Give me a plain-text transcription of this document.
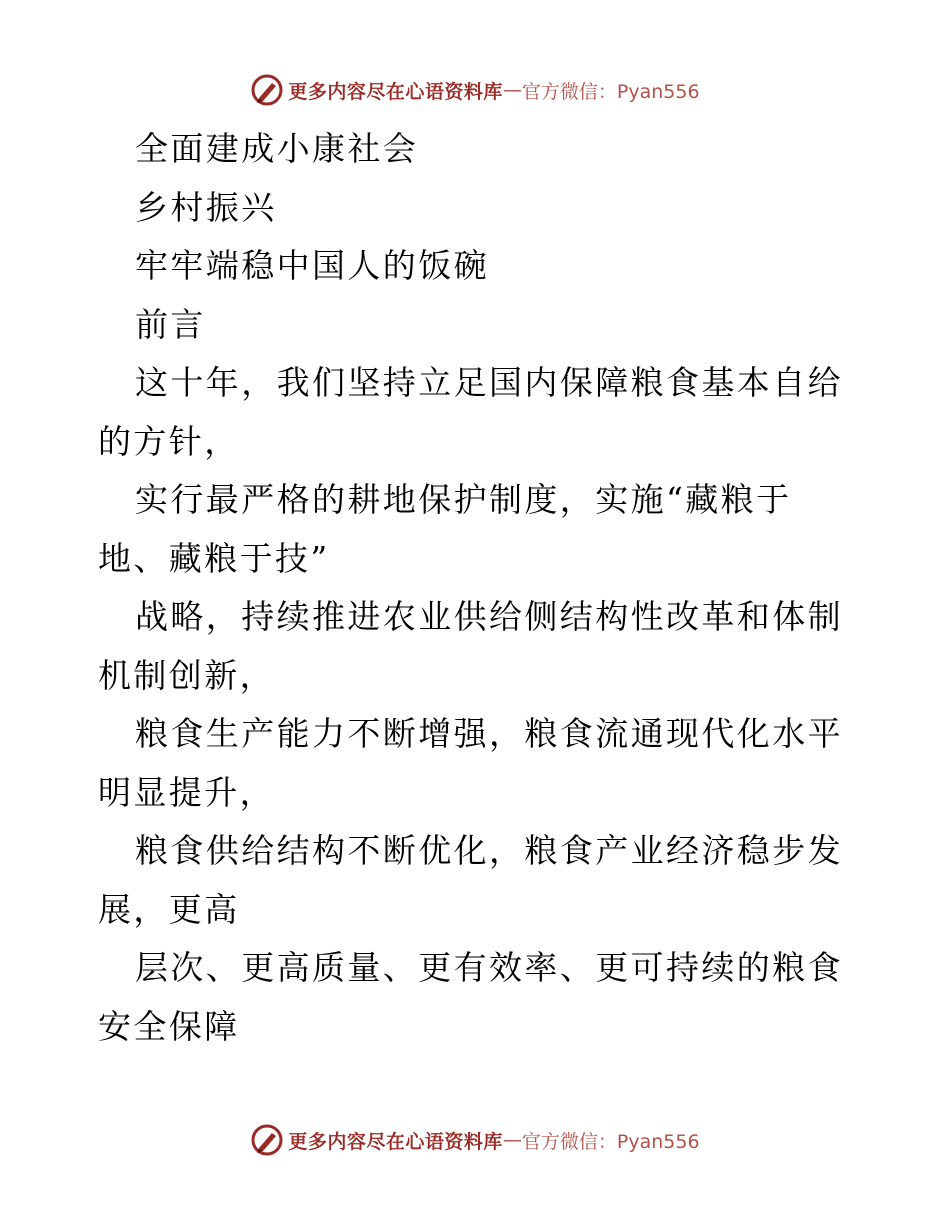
更多内容尽在心语资料库 — 官方微信：Pyan556

全面建成小康社会

乡村振兴

牢牢端稳中国人的饭碗

前言

这十年，我们坚持立足国内保障粮食基本自给的方针，

实行最严格的耕地保护制度，实施“藏粮于地、藏粮于技”

战略，持续推进农业供给侧结构性改革和体制机制创新，

粮食生产能力不断增强，粮食流通现代化水平明显提升，

粮食供给结构不断优化，粮食产业经济稳步发展，更高

层次、更高质量、更有效率、更可持续的粮食安全保障

更多内容尽在心语资料库 — 官方微信：Pyan556
